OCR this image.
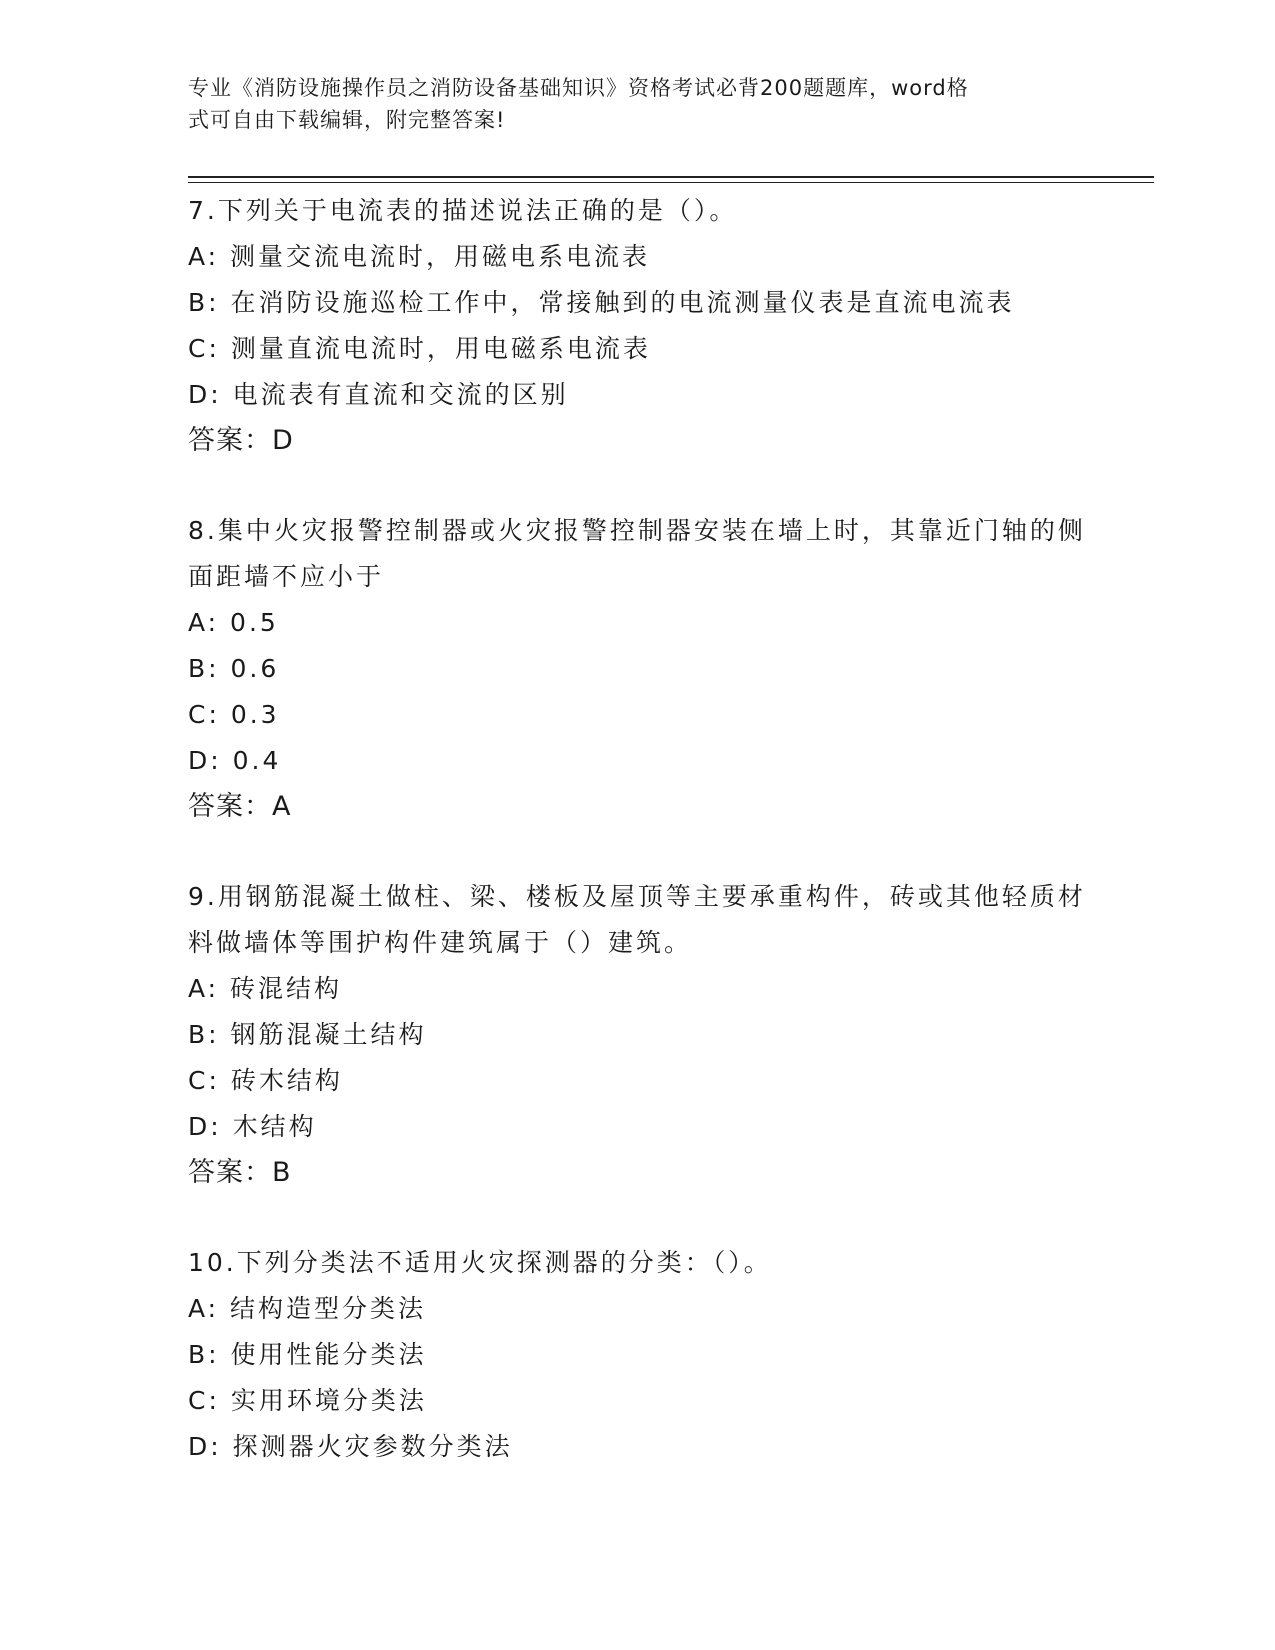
专业《消防设施操作员之消防设备基础知识》资格考试必背200题题库，word格
式可自由下载编辑，附完整答案!
7.下列关于电流表的描述说法正确的是（）。
A: 测量交流电流时，用磁电系电流表
B: 在消防设施巡检工作中，常接触到的电流测量仪表是直流电流表
C: 测量直流电流时，用电磁系电流表
D: 电流表有直流和交流的区别
答案：D
8.集中火灾报警控制器或火灾报警控制器安装在墙上时，其靠近门轴的侧面距墙不应小于
A: 0.5
B: 0.6
C: 0.3
D: 0.4
答案：A
9.用钢筋混凝土做柱、梁、楼板及屋顶等主要承重构件，砖或其他轻质材料做墙体等围护构件建筑属于（）建筑。
A: 砖混结构
B: 钢筋混凝土结构
C: 砖木结构
D: 木结构
答案：B
10.下列分类法不适用火灾探测器的分类：（）。
A: 结构造型分类法
B: 使用性能分类法
C: 实用环境分类法
D: 探测器火灾参数分类法
